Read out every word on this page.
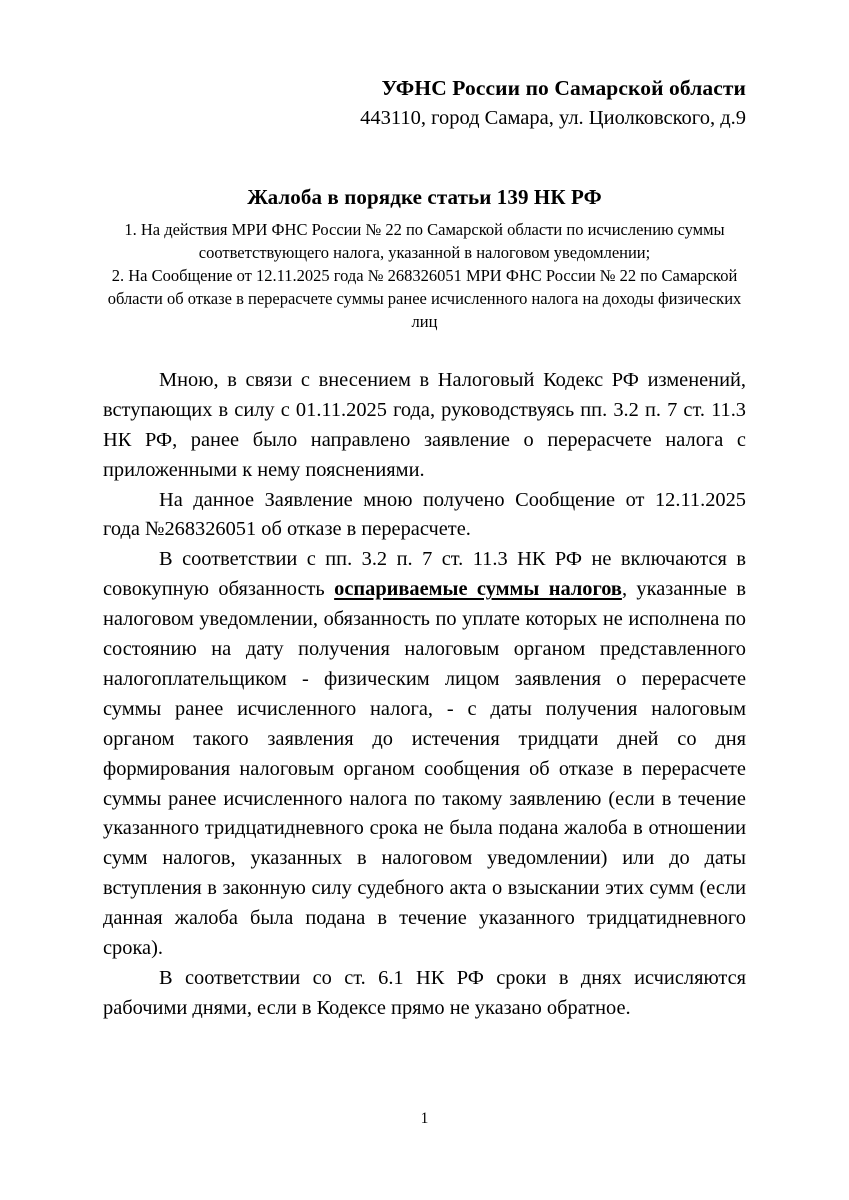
УФНС России по Самарской области
443110, город Самара, ул. Циолковского, д.9
Жалоба в порядке статьи 139 НК РФ
1. На действия МРИ ФНС России № 22 по Самарской области по исчислению суммы соответствующего налога, указанной в налоговом уведомлении;
2. На Сообщение от 12.11.2025 года № 268326051 МРИ ФНС России № 22 по Самарской области об отказе в перерасчете суммы ранее исчисленного налога на доходы физических лиц

Мною, в связи с внесением в Налоговый Кодекс РФ изменений, вступающих в силу с 01.11.2025 года, руководствуясь пп. 3.2 п. 7 ст. 11.3 НК РФ, ранее было направлено заявление о перерасчете налога с приложенными к нему пояснениями.

На данное Заявление мною получено Сообщение от 12.11.2025 года №268326051 об отказе в перерасчете.

В соответствии с пп. 3.2 п. 7 ст. 11.3 НК РФ не включаются в совокупную обязанность оспариваемые суммы налогов, указанные в налоговом уведомлении, обязанность по уплате которых не исполнена по состоянию на дату получения налоговым органом представленного налогоплательщиком - физическим лицом заявления о перерасчете суммы ранее исчисленного налога, - с даты получения налоговым органом такого заявления до истечения тридцати дней со дня формирования налоговым органом сообщения об отказе в перерасчете суммы ранее исчисленного налога по такому заявлению (если в течение указанного тридцатидневного срока не была подана жалоба в отношении сумм налогов, указанных в налоговом уведомлении) или до даты вступления в законную силу судебного акта о взыскании этих сумм (если данная жалоба была подана в течение указанного тридцатидневного срока).

В соответствии со ст. 6.1 НК РФ сроки в днях исчисляются рабочими днями, если в Кодексе прямо не указано обратное.

1
